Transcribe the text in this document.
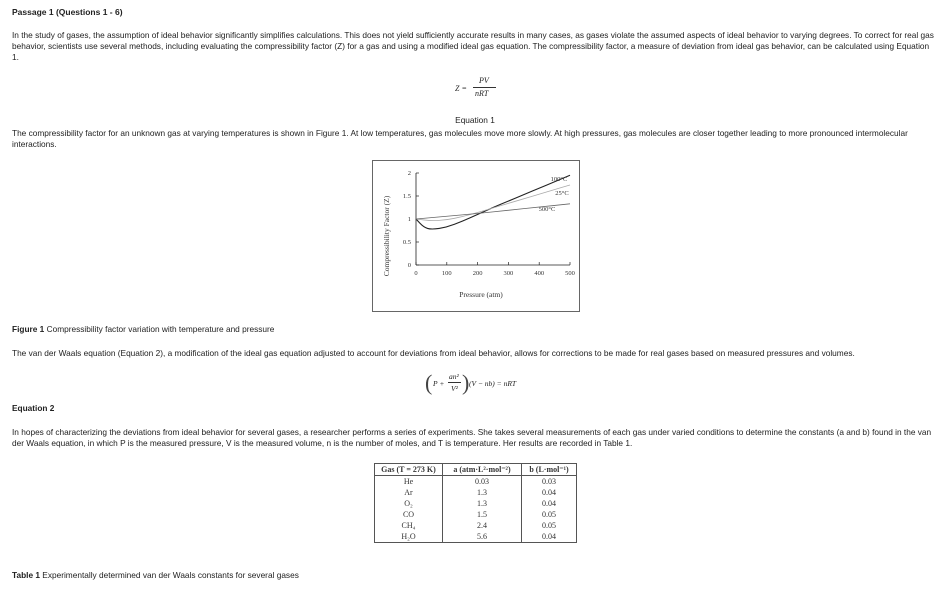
Passage 1 (Questions 1 - 6)

In the study of gases, the assumption of ideal behavior significantly simplifies calculations. This does not yield sufficiently accurate results in many cases, as gases violate the assumed aspects of ideal behavior to varying degrees. To correct for real gas behavior, scientists use several methods, including evaluating the compressibility factor (Z) for a gas and using a modified ideal gas equation. The compressibility factor, a measure of deviation from ideal gas behavior, can be calculated using Equation 1.

Z =
PV
nRT

Equation 1

The compressibility factor for an unknown gas at varying temperatures is shown in Figure 1. At low temperatures, gas molecules move more slowly. At high pressures, gas molecules are closer together leading to more pronounced intermolecular interactions.

0	100	200	300	400	500
0
0.5
1
1.5
2
100°C
25°C
500°C
Compressibility Factor (Z)
Pressure (atm)

Figure 1 Compressibility factor variation with temperature and pressure

The van der Waals equation (Equation 2), a modification of the ideal gas equation adjusted to account for deviations from ideal behavior, allows for corrections to be made for real gases based on measured pressures and volumes.

( P +
an²
V² ) (V − nb) = nRT

Equation 2

In hopes of characterizing the deviations from ideal behavior for several gases, a researcher performs a series of experiments. She takes several measurements of each gas under varied conditions to determine the constants (a and b) found in the van der Waals equation, in which P is the measured pressure, V is the measured volume, n is the number of moles, and T is temperature. Her results are recorded in Table 1.

Gas (T = 273 K)	a (atm·L²·mol⁻²)	b (L·mol⁻¹)
He	0.03	0.03
Ar	1.3	0.04
O₂	1.3	0.04
CO	1.5	0.05
CH₄	2.4	0.05
H₂O	5.6	0.04

Table 1 Experimentally determined van der Waals constants for several gases
